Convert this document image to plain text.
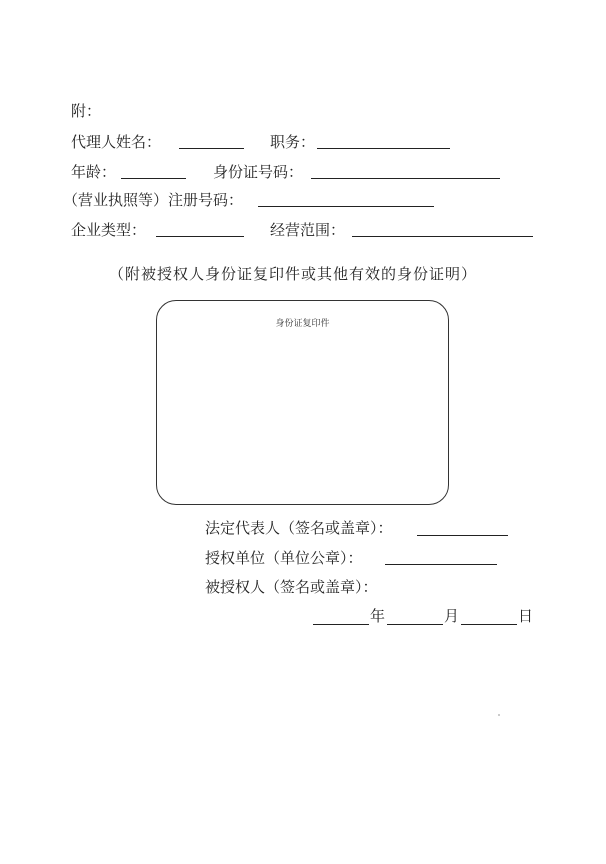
附：
代理人姓名：	职务：
年龄：	身份证号码：
（营业执照等）注册号码：
企业类型：	经营范围：
（附被授权人身份证复印件或其他有效的身份证明）
身份证复印件
法定代表人（签名或盖章）：
授权单位（单位公章）：
被授权人（签名或盖章）：
年	月	日
